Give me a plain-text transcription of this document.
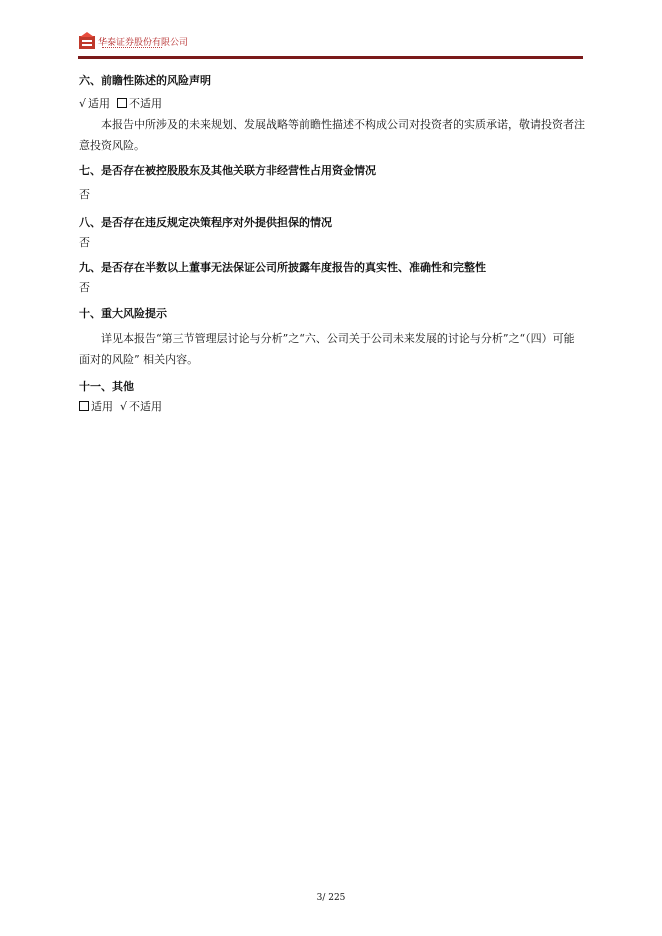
华泰证券股份有限公司

六、前瞻性陈述的风险声明

√ 适用 不适用

本报告中所涉及的未来规划、发展战略等前瞻性描述不构成公司对投资者的实质承诺，敬请投资者注意投资风险。

七、是否存在被控股股东及其他关联方非经营性占用资金情况

否

八、是否存在违反规定决策程序对外提供担保的情况

否

九、是否存在半数以上董事无法保证公司所披露年度报告的真实性、准确性和完整性

否

十、重大风险提示

详见本报告“第三节管理层讨论与分析”之“六、公司关于公司未来发展的讨论与分析”之“（四）可能面对的风险” 相关内容。

十一、其他

适用 √ 不适用

3/ 225
